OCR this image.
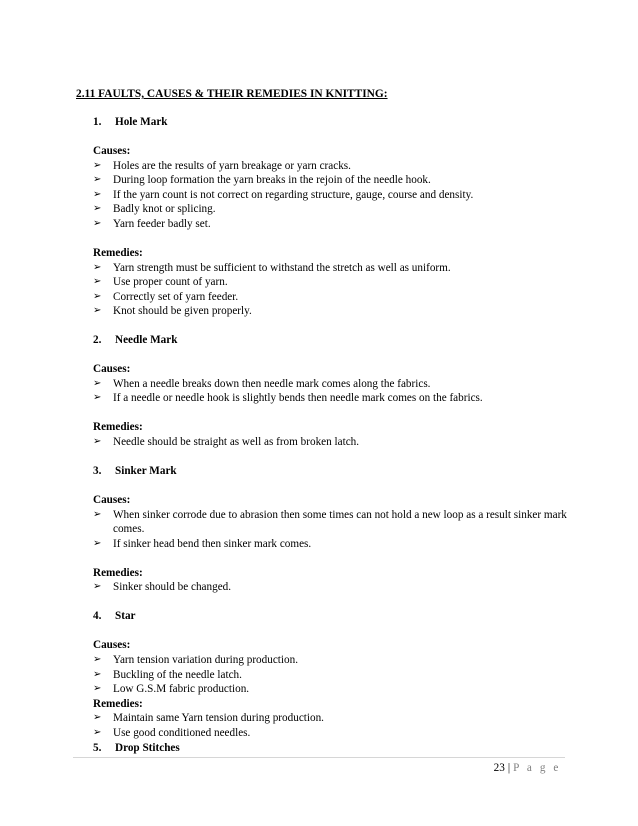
2.11 FAULTS, CAUSES & THEIR REMEDIES IN KNITTING:
1. Hole Mark
Causes:
➢ Holes are the results of yarn breakage or yarn cracks.
➢ During loop formation the yarn breaks in the rejoin of the needle hook.
➢ If the yarn count is not correct on regarding structure, gauge, course and density.
➢ Badly knot or splicing.
➢ Yarn feeder badly set.
Remedies:
➢ Yarn strength must be sufficient to withstand the stretch as well as uniform.
➢ Use proper count of yarn.
➢ Correctly set of yarn feeder.
➢ Knot should be given properly.
2. Needle Mark
Causes:
➢ When a needle breaks down then needle mark comes along the fabrics.
➢ If a needle or needle hook is slightly bends then needle mark comes on the fabrics.
Remedies:
➢ Needle should be straight as well as from broken latch.
3. Sinker Mark
Causes:
➢ When sinker corrode due to abrasion then some times can not hold a new loop as a result sinker mark comes.
➢ If sinker head bend then sinker mark comes.
Remedies:
➢ Sinker should be changed.
4. Star
Causes:
➢ Yarn tension variation during production.
➢ Buckling of the needle latch.
➢ Low G.S.M fabric production.
Remedies:
➢ Maintain same Yarn tension during production.
➢ Use good conditioned needles.
5. Drop Stitches
23 | P a g e
